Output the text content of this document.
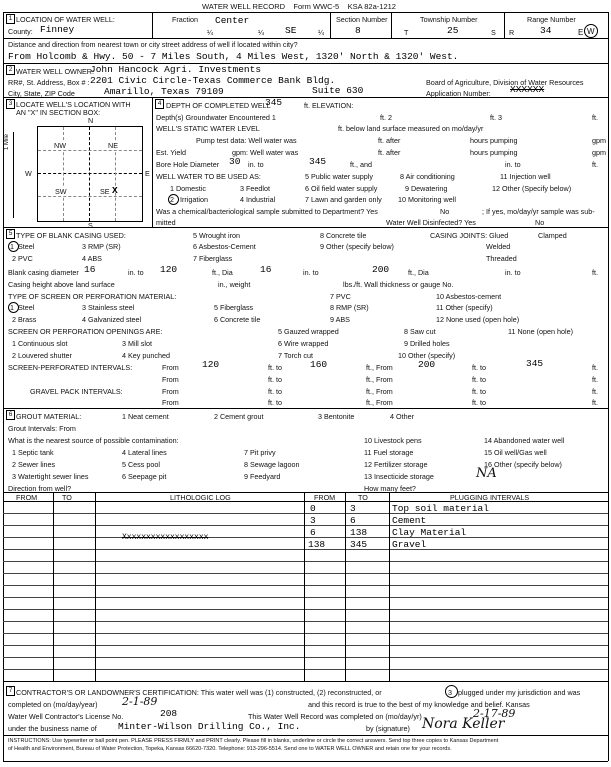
WATER WELL RECORD Form WWC-5 KSA 82a-1212
1 LOCATION OF WATER WELL:
County: Finney
Fraction Center
¼	¼ SE	¼
Section Number
8
Township Number
T	25	S
Range Number
R	34	E W
Distance and direction from nearest town or city street address of well if located within city?
From Holcomb & Hwy. 50 - 7 Miles South, 4 Miles West, 1320' North & 1320' West.
2 WATER WELL OWNER:
John Hancock Agri. Investments
RR#, St. Address, Box # : 2201 Civic Circle-Texas Commerce Bank Bldg.	Board of Agriculture, Division of Water Resources
City, State, ZIP Code	Amarillo, Texas 79109	Suite 630	Application Number: XXXXXX
3 LOCATE WELL'S LOCATION WITH
AN "X" IN SECTION BOX:
N
S
W	E
1 Mile	NW	NE
SW	SE X
4 DEPTH OF COMPLETED WELL
345	ft. ELEVATION:
Depth(s) Groundwater Encountered 1	ft. 2	ft. 3	ft.
WELL'S STATIC WATER LEVEL	ft. below land surface measured on mo/day/yr
Pump test data: Well water was	ft. after	hours pumping	gpm
Est. Yield	gpm: Well water was	ft. after	hours pumping	gpm
Bore Hole Diameter 30 in. to	345	ft., and	in. to	ft.
WELL WATER TO BE USED AS:
1 Domestic	3 Feedlot
5 Public water supply	8 Air conditioning	11 Injection well
2 Irrigation	4 Industrial	7 Lawn and garden only 10 Monitoring well
6 Oil field water supply	9 Dewatering	12 Other (Specify below)
Was a chemical/bacteriological sample submitted to Department? Yes	No	; If yes, mo/day/yr sample was sub-
mitted	Water Well Disinfected? Yes	No
5 TYPE OF BLANK CASING USED:
1 Steel
2 PVC
3 RMP (SR)
4 ABS
5 Wrought iron
6 Asbestos-Cement
7 Fiberglass
8 Concrete tile
9 Other (specify below)
CASING JOINTS: Glued	Clamped
Welded
Threaded
Blank casing diameter 16	in. to 120	ft., Dia	16	in. to	200	ft., Dia	in. to	ft.
Casing height above land surface	in., weight	lbs./ft. Wall thickness or gauge No.
TYPE OF SCREEN OR PERFORATION MATERIAL:
1 Steel
2 Brass
3 Stainless steel
4 Galvanized steel
5 Fiberglass
6 Concrete tile
7 PVC
8 RMP (SR)
9 ABS
10 Asbestos-cement
11 Other (specify)
12 None used (open hole)
SCREEN OR PERFORATION OPENINGS ARE:
1 Continuous slot
2 Louvered shutter
3 Mill slot
4 Key punched
5 Gauzed wrapped
6 Wire wrapped
7 Torch cut
8 Saw cut
9 Drilled holes
10 Other (specify)
11 None (open hole)
SCREEN-PERFORATED INTERVALS:	From 120	ft. to	160	ft., From	200	ft. to	345	ft.
From	ft. to	ft., From	ft. to	ft.
GRAVEL PACK INTERVALS:	From	ft. to	ft., From	ft. to	ft.
From	ft. to	ft., From	ft. to	ft.
6 GROUT MATERIAL:	1 Neat cement	2 Cement grout	3 Bentonite	4 Other
Grout Intervals: From
What is the nearest source of possible contamination:
1 Septic tank
2 Sewer lines
3 Watertight sewer lines
4 Lateral lines
5 Cess pool
6 Seepage pit
7 Pit privy
8 Sewage lagoon
9 Feedyard
10 Livestock pens
11 Fuel storage
12 Fertilizer storage
13 Insecticide storage	NA
14 Abandoned water well
15 Oil well/Gas well
16 Other (specify below)
Direction from well?	How many feet?
FROM	TO	LITHOLOGIC LOG	FROM	TO	PLUGGING INTERVALS
Xxxxxxxxxxxxxxxxxx
0	3	Top soil material
3	6	Cement
6	138	Clay Material
138	345	Gravel
7 CONTRACTOR'S OR LANDOWNER'S CERTIFICATION: This water well was (1) constructed, (2) reconstructed, or	3 plugged under my jurisdiction and was
completed on (mo/day/year) 2-1-89	and this record is true to the best of my knowledge and belief. Kansas
Water Well Contractor's License No.	208	This Water Well Record was completed on (mo/day/yr)	2-17-89
under the business name of Minter-Wilson Drilling Co., Inc.	by (signature) Nora Keller
INSTRUCTIONS: Use typewriter or ball point pen. PLEASE PRESS FIRMLY and PRINT clearly. Please fill in blanks, underline or circle the correct answers. Send top three copies to Kansas Department
of Health and Environment, Bureau of Water Protection, Topeka, Kansas 66620-7320. Telephone: 913-296-5514. Send one to WATER WELL OWNER and retain one for your records.
